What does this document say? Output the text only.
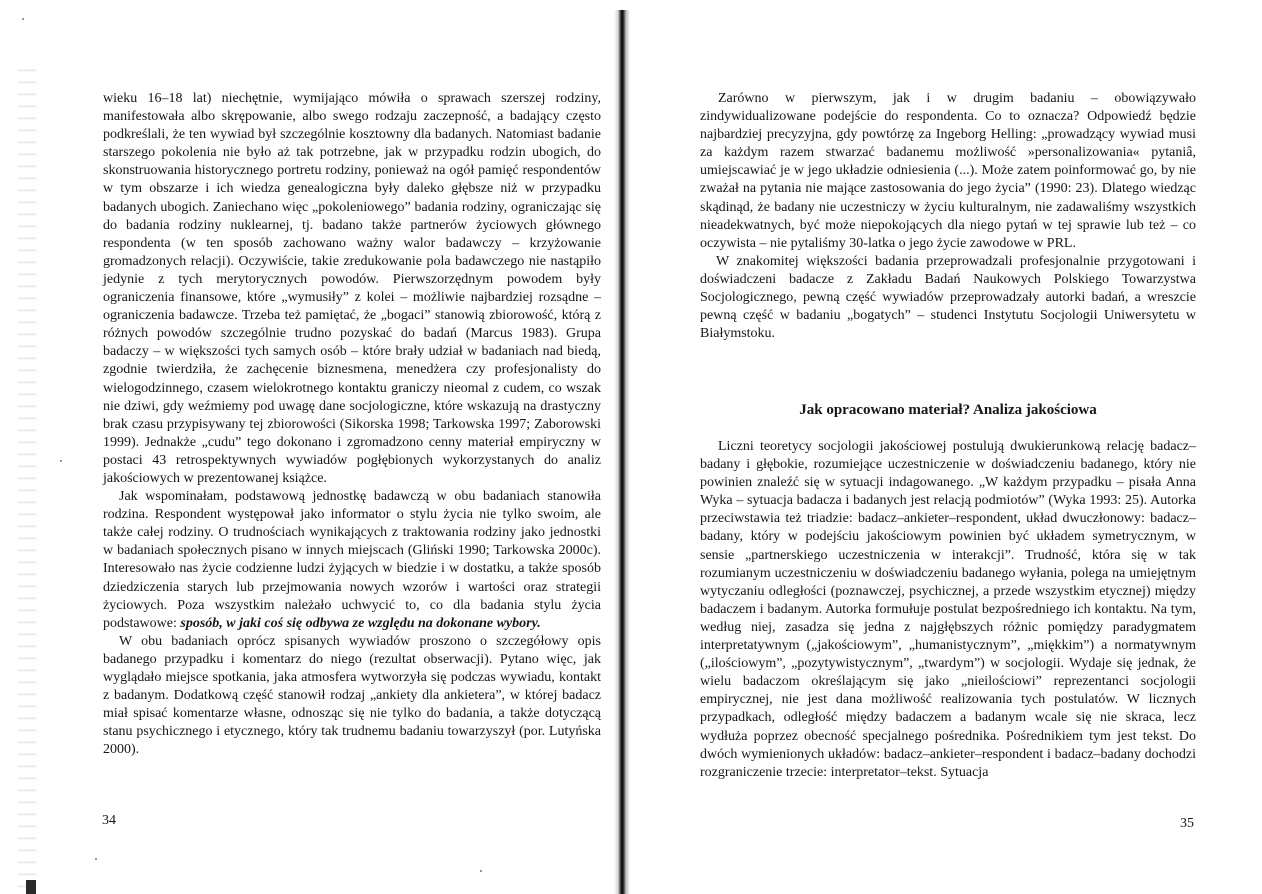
wieku 16–18 lat) niechętnie, wymijająco mówiła o sprawach szerszej rodziny, manifestowała albo skrępowanie, albo swego rodzaju zaczepność, a badający często podkreślali, że ten wywiad był szczególnie kosztowny dla badanych. Natomiast badanie starszego pokolenia nie było aż tak potrzebne, jak w przypadku rodzin ubogich, do skonstruowania historycznego portretu rodziny, ponieważ na ogół pamięć respondentów w tym obszarze i ich wiedza genealogiczna były daleko głębsze niż w przypadku badanych ubogich. Zaniechano więc „pokoleniowego” badania rodziny, ograniczając się do badania rodziny nuklearnej, tj. badano także partnerów życiowych głównego respondenta (w ten sposób zachowano ważny walor badawczy – krzyżowanie gromadzonych relacji). Oczywiście, takie zredukowanie pola badawczego nie nastąpiło jedynie z tych merytorycznych powodów. Pierwszorzędnym powodem były ograniczenia finansowe, które „wymusiły” z kolei – możliwie najbardziej rozsądne – ograniczenia badawcze. Trzeba też pamiętać, że „bogaci” stanowią zbiorowość, którą z różnych powodów szczególnie trudno pozyskać do badań (Marcus 1983). Grupa badaczy – w większości tych samych osób – które brały udział w badaniach nad biedą, zgodnie twierdziła, że zachęcenie biznesmena, menedżera czy profesjonalisty do wielogodzinnego, czasem wielokrotnego kontaktu graniczy nieomal z cudem, co wszak nie dziwi, gdy weźmiemy pod uwagę dane socjologiczne, które wskazują na drastyczny brak czasu przypisywany tej zbiorowości (Sikorska 1998; Tarkowska 1997; Zaborowski 1999). Jednakże „cudu” tego dokonano i zgromadzono cenny materiał empiryczny w postaci 43 retrospektywnych wywiadów pogłębionych wykorzystanych do analiz jakościowych w prezentowanej książce.

Jak wspominałam, podstawową jednostkę badawczą w obu badaniach stanowiła rodzina. Respondent występował jako informator o stylu życia nie tylko swoim, ale także całej rodziny. O trudnościach wynikających z traktowania rodziny jako jednostki w badaniach społecznych pisano w innych miejscach (Gliński 1990; Tarkowska 2000c). Interesowało nas życie codzienne ludzi żyjących w biedzie i w dostatku, a także sposób dziedziczenia starych lub przejmowania nowych wzorów i wartości oraz strategii życiowych. Poza wszystkim należało uchwycić to, co dla badania stylu życia podstawowe: sposób, w jaki coś się odbywa ze względu na dokonane wybory.

W obu badaniach oprócz spisanych wywiadów proszono o szczegółowy opis badanego przypadku i komentarz do niego (rezultat obserwacji). Pytano więc, jak wyglądało miejsce spotkania, jaka atmosfera wytworzyła się podczas wywiadu, kontakt z badanym. Dodatkową część stanowił rodzaj „ankiety dla ankietera”, w której badacz miał spisać komentarze własne, odnosząc się nie tylko do badania, a także dotyczącą stanu psychicznego i etycznego, który tak trudnemu badaniu towarzyszył (por. Lutyńska 2000).

34

Zarówno w pierwszym, jak i w drugim badaniu – obowiązywało zindywidualizowane podejście do respondenta. Co to oznacza? Odpowiedź będzie najbardziej precyzyjna, gdy powtórzę za Ingeborg Helling: „prowadzący wywiad musi za każdym razem stwarzać badanemu możliwość »personalizowania« pytaniâ, umiejscawiać je w jego układzie odniesienia (...). Może zatem poinformować go, by nie zważał na pytania nie mające zastosowania do jego życia” (1990: 23). Dlatego wiedząc skądinąd, że badany nie uczestniczy w życiu kulturalnym, nie zadawaliśmy wszystkich nieadekwatnych, być może niepokojących dla niego pytań w tej sprawie lub też – co oczywista – nie pytaliśmy 30-latka o jego życie zawodowe w PRL.

W znakomitej większości badania przeprowadzali profesjonalnie przygotowani i doświadczeni badacze z Zakładu Badań Naukowych Polskiego Towarzystwa Socjologicznego, pewną część wywiadów przeprowadzały autorki badań, a wreszcie pewną część w badaniu „bogatych” – studenci Instytutu Socjologii Uniwersytetu w Białymstoku.

Jak opracowano materiał? Analiza jakościowa

Liczni teoretycy socjologii jakościowej postulują dwukierunkową relację badacz–badany i głębokie, rozumiejące uczestniczenie w doświadczeniu badanego, który nie powinien znaleźć się w sytuacji indagowanego. „W każdym przypadku – pisała Anna Wyka – sytuacja badacza i badanych jest relacją podmiotów” (Wyka 1993: 25). Autorka przeciwstawia też triadzie: badacz–ankieter–respondent, układ dwuczłonowy: badacz–badany, który w podejściu jakościowym powinien być układem symetrycznym, w sensie „partnerskiego uczestniczenia w interakcji”. Trudność, która się w tak rozumianym uczestniczeniu w doświadczeniu badanego wyłania, polega na umiejętnym wytyczaniu odległości (poznawczej, psychicznej, a przede wszystkim etycznej) między badaczem i badanym. Autorka formułuje postulat bezpośredniego ich kontaktu. Na tym, według niej, zasadza się jedna z najgłębszych różnic pomiędzy paradygmatem interpretatywnym („jakościowym”, „humanistycznym”, „miękkim”) a normatywnym („ilościowym”, „pozytywistycznym”, „twardym”) w socjologii. Wydaje się jednak, że wielu badaczom określającym się jako „nieilościowi” reprezentanci socjologii empirycznej, nie jest dana możliwość realizowania tych postulatów. W licznych przypadkach, odległość między badaczem a badanym wcale się nie skraca, lecz wydłuża poprzez obecność specjalnego pośrednika. Pośrednikiem tym jest tekst. Do dwóch wymienionych układów: badacz–ankieter–respondent i badacz–badany dochodzi rozgraniczenie trzecie: interpretator–tekst. Sytuacja

35
